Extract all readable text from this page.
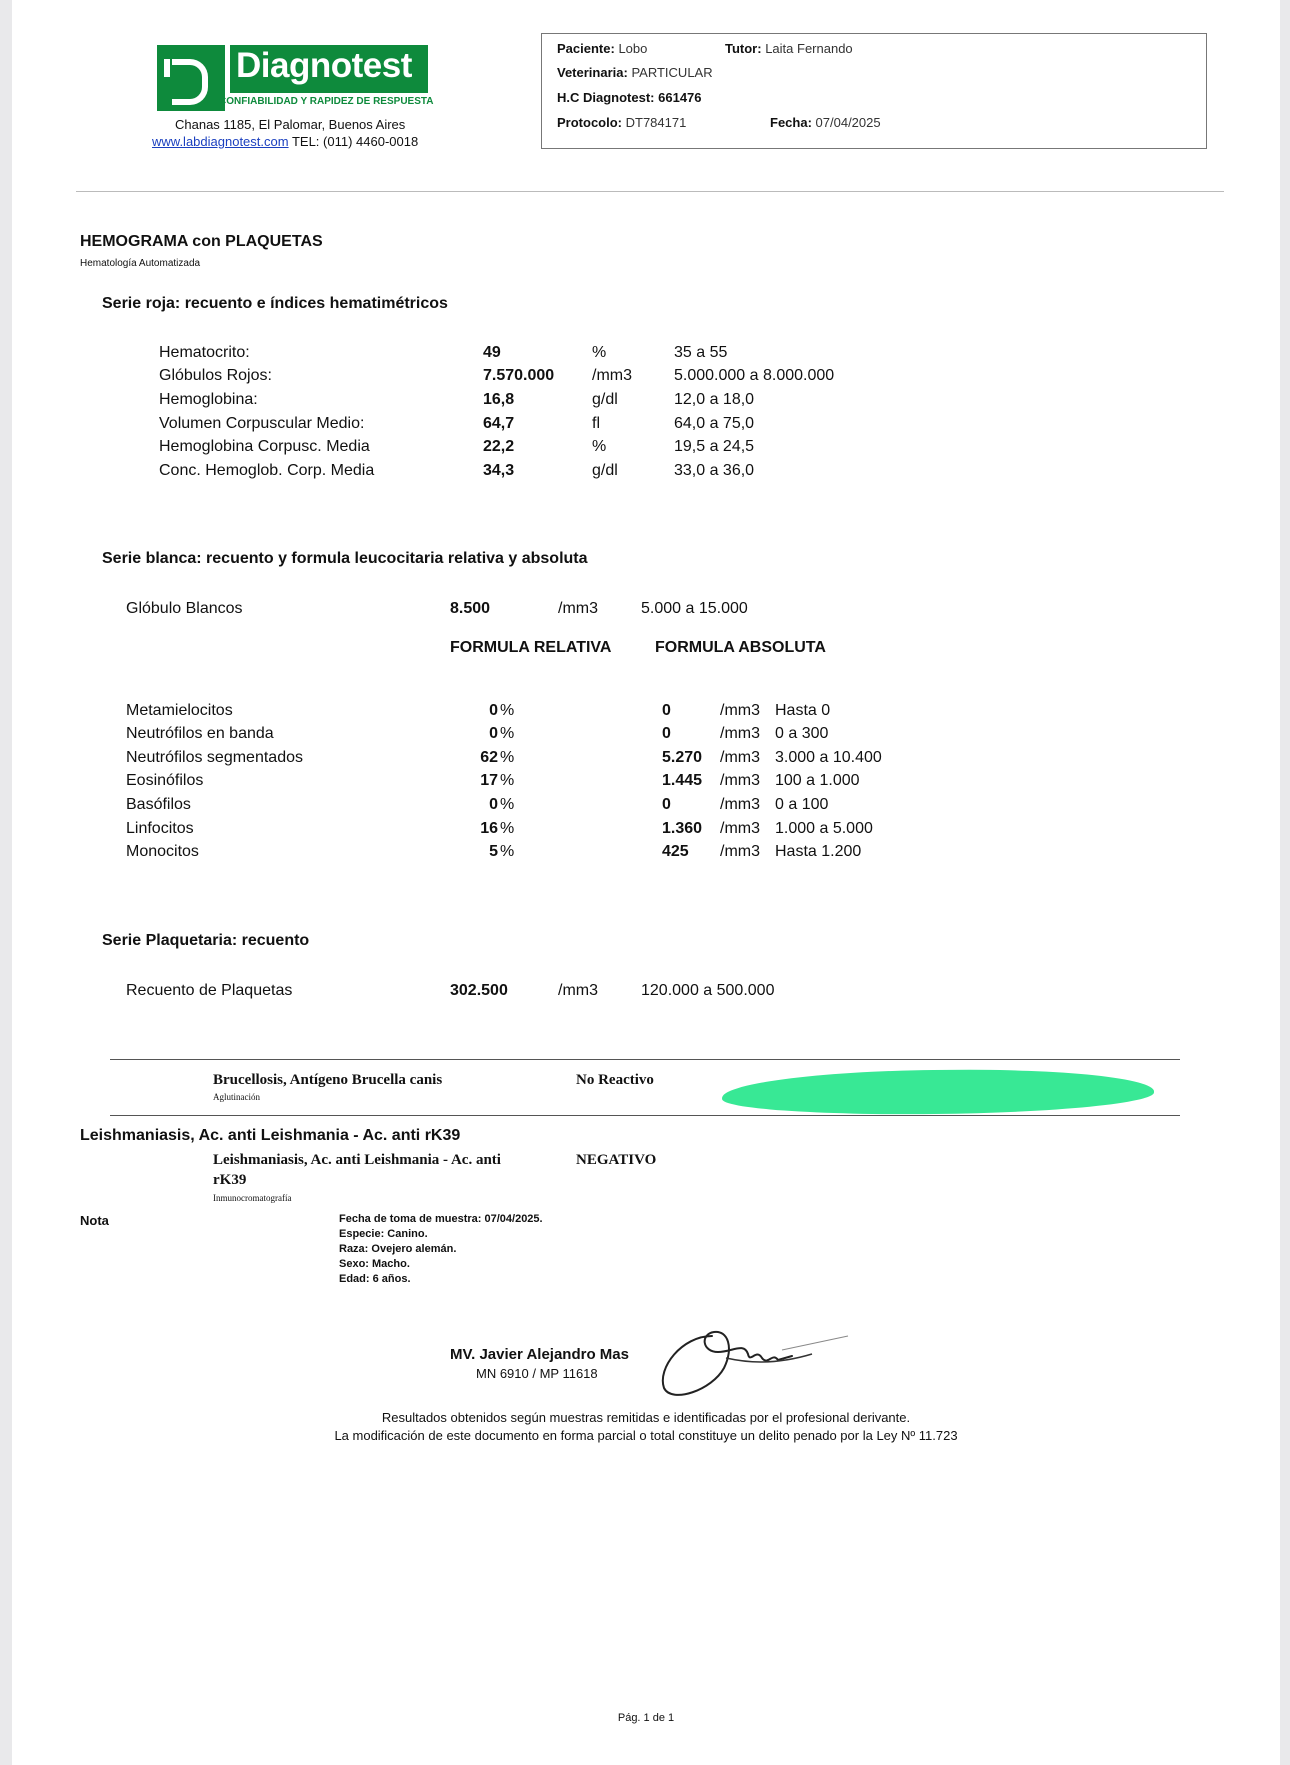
Diagnotest
CONFIABILIDAD Y RAPIDEZ DE RESPUESTA
Chanas 1185, El Palomar, Buenos Aires
www.labdiagnotest.com TEL: (011) 4460-0018
Paciente: Lobo	Tutor: Laita Fernando
Veterinaria: PARTICULAR
H.C Diagnotest: 661476
Protocolo: DT784171	Fecha: 07/04/2025
HEMOGRAMA con PLAQUETAS
Hematología Automatizada
Serie roja: recuento e índices hematimétricos
Hematocrito:	49	%	35 a 55
Glóbulos Rojos:	7.570.000 /mm3	5.000.000 a 8.000.000
Hemoglobina:	16,8	g/dl	12,0 a 18,0
Volumen Corpuscular Medio:	64,7	fl	64,0 a 75,0
Hemoglobina Corpusc. Media	22,2	%	19,5 a 24,5
Conc. Hemoglob. Corp. Media	34,3	g/dl	33,0 a 36,0
Serie blanca: recuento y formula leucocitaria relativa y absoluta
Glóbulo Blancos	8.500	/mm3	5.000 a 15.000
FORMULA RELATIVA	FORMULA ABSOLUTA
Metamielocitos	0 %	0	/mm3 Hasta 0
Neutrófilos en banda	0 %	0	/mm3 0 a 300
Neutrófilos segmentados	62 %	5.270 /mm3 3.000 a 10.400
Eosinófilos	17 %	1.445 /mm3 100 a 1.000
Basófilos	0 %	0	/mm3 0 a 100
Linfocitos	16 %	1.360 /mm3 1.000 a 5.000
Monocitos	5 %	425 /mm3 Hasta 1.200
Serie Plaquetaria: recuento
Recuento de Plaquetas	302.500	/mm3	120.000 a 500.000
Brucellosis, Antígeno Brucella canis
Aglutinación
No Reactivo
Leishmaniasis, Ac. anti Leishmania - Ac. anti rK39
Leishmaniasis, Ac. anti Leishmania - Ac. anti
rK39
Inmunocromatografía
NEGATIVO
Nota	Fecha de toma de muestra: 07/04/2025.
Especie: Canino.
Raza: Ovejero alemán.
Sexo: Macho.
Edad: 6 años.
MV. Javier Alejandro Mas
MN 6910 / MP 11618
Resultados obtenidos según muestras remitidas e identificadas por el profesional derivante.
La modificación de este documento en forma parcial o total constituye un delito penado por la Ley Nº 11.723
Pág. 1 de 1
